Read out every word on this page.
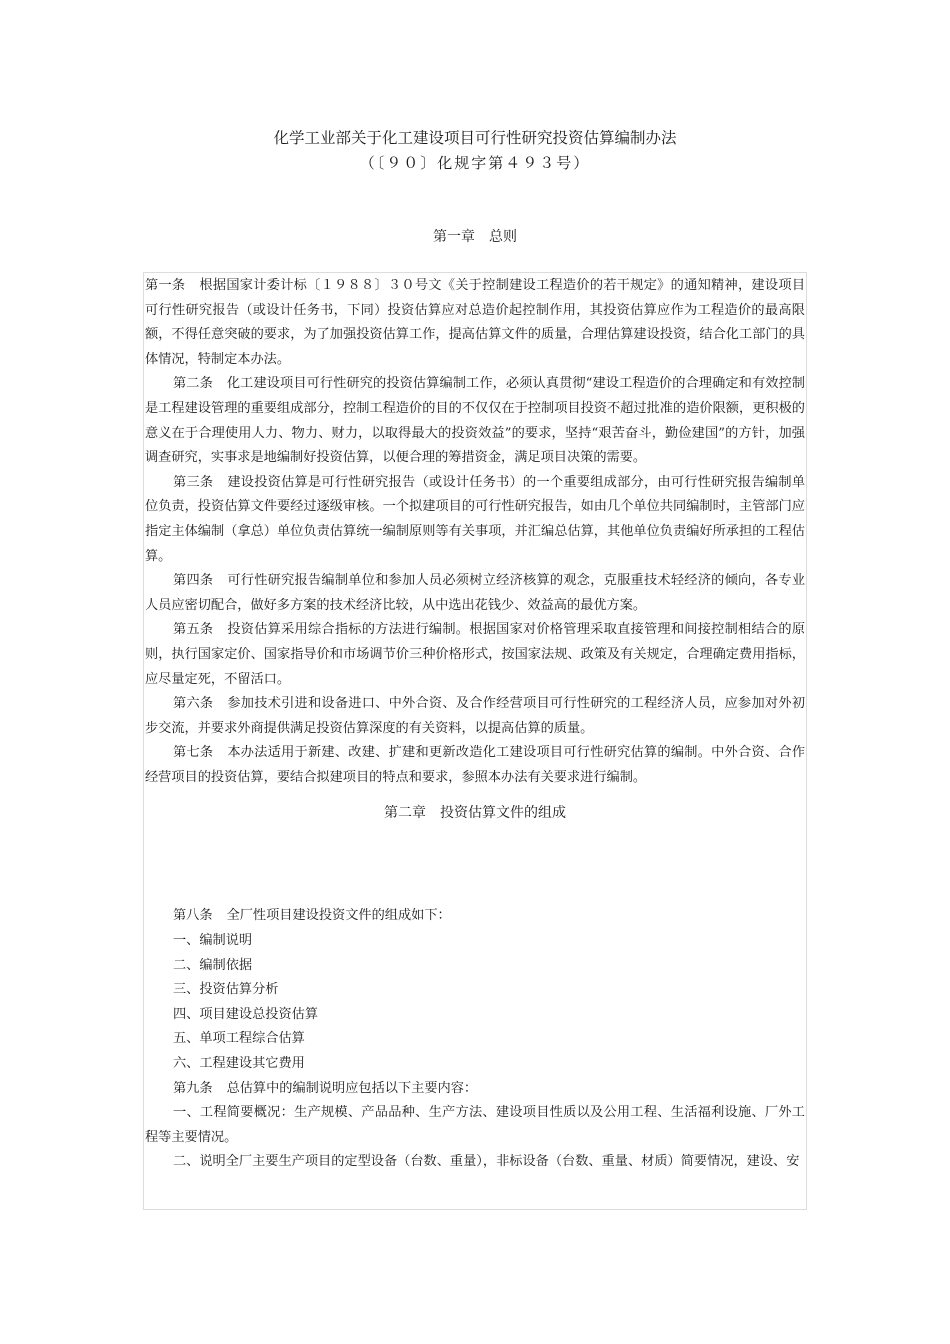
化学工业部关于化工建设项目可行性研究投资估算编制办法
（〔９０〕化规字第４９３号）
第一章 总则

第一条 根据国家计委计标〔１９８８〕３０号文《关于控制建设工程造价的若干规定》的通知精神，建设项目可行性研究报告（或设计任务书，下同）投资估算应对总造价起控制作用，其投资估算应作为工程造价的最高限额，不得任意突破的要求，为了加强投资估算工作，提高估算文件的质量，合理估算建设投资，结合化工部门的具体情况，特制定本办法。

第二条 化工建设项目可行性研究的投资估算编制工作，必须认真贯彻“建设工程造价的合理确定和有效控制是工程建设管理的重要组成部分，控制工程造价的目的不仅仅在于控制项目投资不超过批准的造价限额，更积极的意义在于合理使用人力、物力、财力，以取得最大的投资效益”的要求，坚持“艰苦奋斗，勤俭建国”的方针，加强调查研究，实事求是地编制好投资估算，以便合理的筹措资金，满足项目决策的需要。

第三条 建设投资估算是可行性研究报告（或设计任务书）的一个重要组成部分，由可行性研究报告编制单位负责，投资估算文件要经过逐级审核。一个拟建项目的可行性研究报告，如由几个单位共同编制时，主管部门应指定主体编制（拿总）单位负责估算统一编制原则等有关事项，并汇编总估算，其他单位负责编好所承担的工程估算。

第四条 可行性研究报告编制单位和参加人员必须树立经济核算的观念，克服重技术轻经济的倾向，各专业人员应密切配合，做好多方案的技术经济比较，从中选出花钱少、效益高的最优方案。

第五条 投资估算采用综合指标的方法进行编制。根据国家对价格管理采取直接管理和间接控制相结合的原则，执行国家定价、国家指导价和市场调节价三种价格形式，按国家法规、政策及有关规定，合理确定费用指标，应尽量定死，不留活口。

第六条 参加技术引进和设备进口、中外合资、及合作经营项目可行性研究的工程经济人员，应参加对外初步交流，并要求外商提供满足投资估算深度的有关资料，以提高估算的质量。

第七条 本办法适用于新建、改建、扩建和更新改造化工建设项目可行性研究估算的编制。中外合资、合作经营项目的投资估算，要结合拟建项目的特点和要求，参照本办法有关要求进行编制。

第二章 投资估算文件的组成

第八条 全厂性项目建设投资文件的组成如下：

一、编制说明

二、编制依据

三、投资估算分析

四、项目建设总投资估算

五、单项工程综合估算

六、工程建设其它费用

第九条 总估算中的编制说明应包括以下主要内容：

一、工程简要概况：生产规模、产品品种、生产方法、建设项目性质以及公用工程、生活福利设施、厂外工程等主要情况。

二、说明全厂主要生产项目的定型设备（台数、重量），非标设备（台数、重量、材质）简要情况，建设、安
